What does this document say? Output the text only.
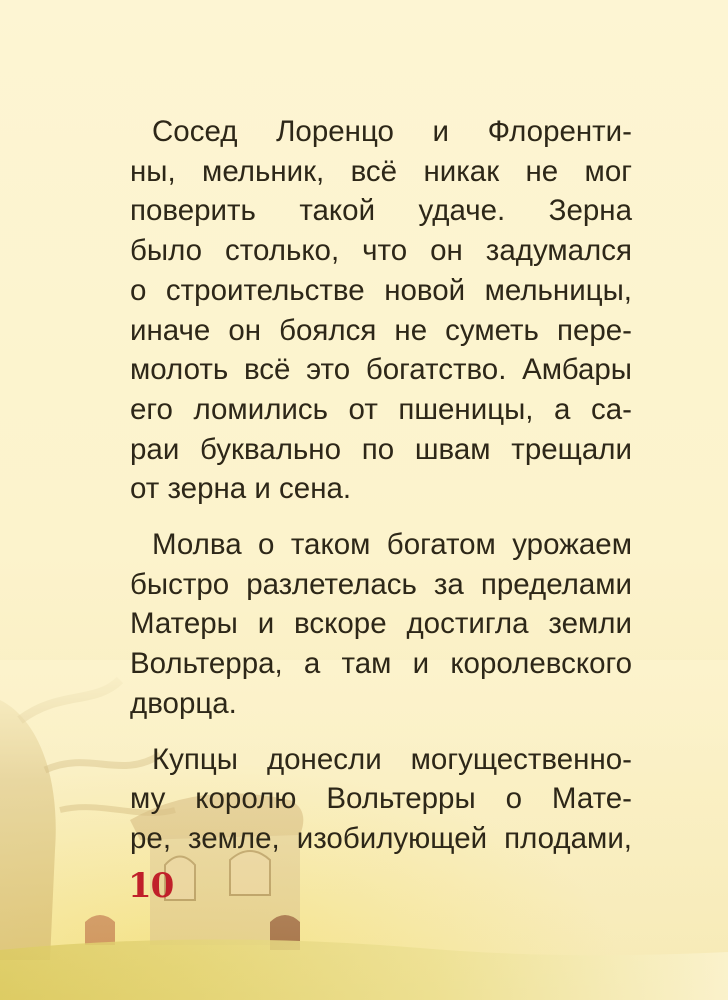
Сосед Лоренцо и Флоренти-
ны, мельник, всё никак не мог
поверить такой удаче. Зерна
было столько, что он задумался
о строительстве новой мельницы,
иначе он боялся не суметь пере-
молоть всё это богатство. Амбары
его ломились от пшеницы, а са-
раи буквально по швам трещали
от зерна и сена.
Молва о таком богатом урожаем
быстро разлетелась за пределами
Матеры и вскоре достигла земли
Вольтерра, а там и королевского
дворца.
Купцы донесли могущественно-
му королю Вольтерры о Мате-
ре, земле, изобилующей плодами,
10
